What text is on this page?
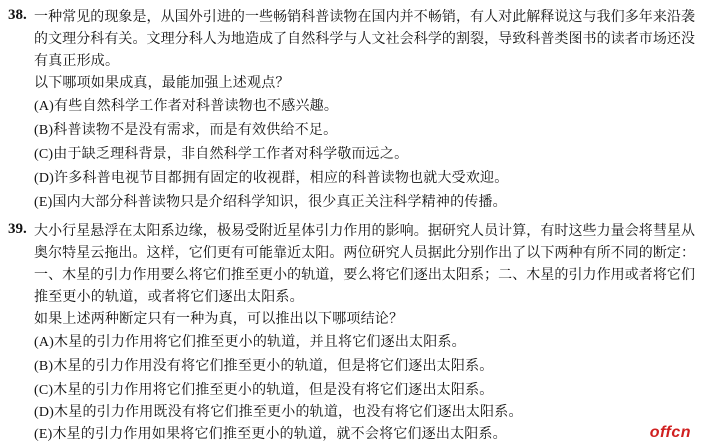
38. 一种常见的现象是，从国外引进的一些畅销科普读物在国内并不畅销，有人对此解释说这与我们多年来沿袭
的文理分科有关。文理分科人为地造成了自然科学与人文社会科学的割裂，导致科普类图书的读者市场还没
有真正形成。
以下哪项如果成真，最能加强上述观点？
(A)有些自然科学工作者对科普读物也不感兴趣。
(B)科普读物不是没有需求，而是有效供给不足。
(C)由于缺乏理科背景，非自然科学工作者对科学敬而远之。
(D)许多科普电视节目都拥有固定的收视群，相应的科普读物也就大受欢迎。
(E)国内大部分科普读物只是介绍科学知识，很少真正关注科学精神的传播。
39. 大小行星悬浮在太阳系边缘，极易受附近星体引力作用的影响。据研究人员计算，有时这些力量会将彗星从
奥尔特星云拖出。这样，它们更有可能靠近太阳。两位研究人员据此分别作出了以下两种有所不同的断定：
一、木星的引力作用要么将它们推至更小的轨道，要么将它们逐出太阳系；二、木星的引力作用或者将它们
推至更小的轨道，或者将它们逐出太阳系。
如果上述两种断定只有一种为真，可以推出以下哪项结论？
(A)木星的引力作用将它们推至更小的轨道，并且将它们逐出太阳系。
(B)木星的引力作用没有将它们推至更小的轨道，但是将它们逐出太阳系。
(C)木星的引力作用将它们推至更小的轨道，但是没有将它们逐出太阳系。
(D)木星的引力作用既没有将它们推至更小的轨道，也没有将它们逐出太阳系。
(E)木星的引力作用如果将它们推至更小的轨道，就不会将它们逐出太阳系。	offcn
